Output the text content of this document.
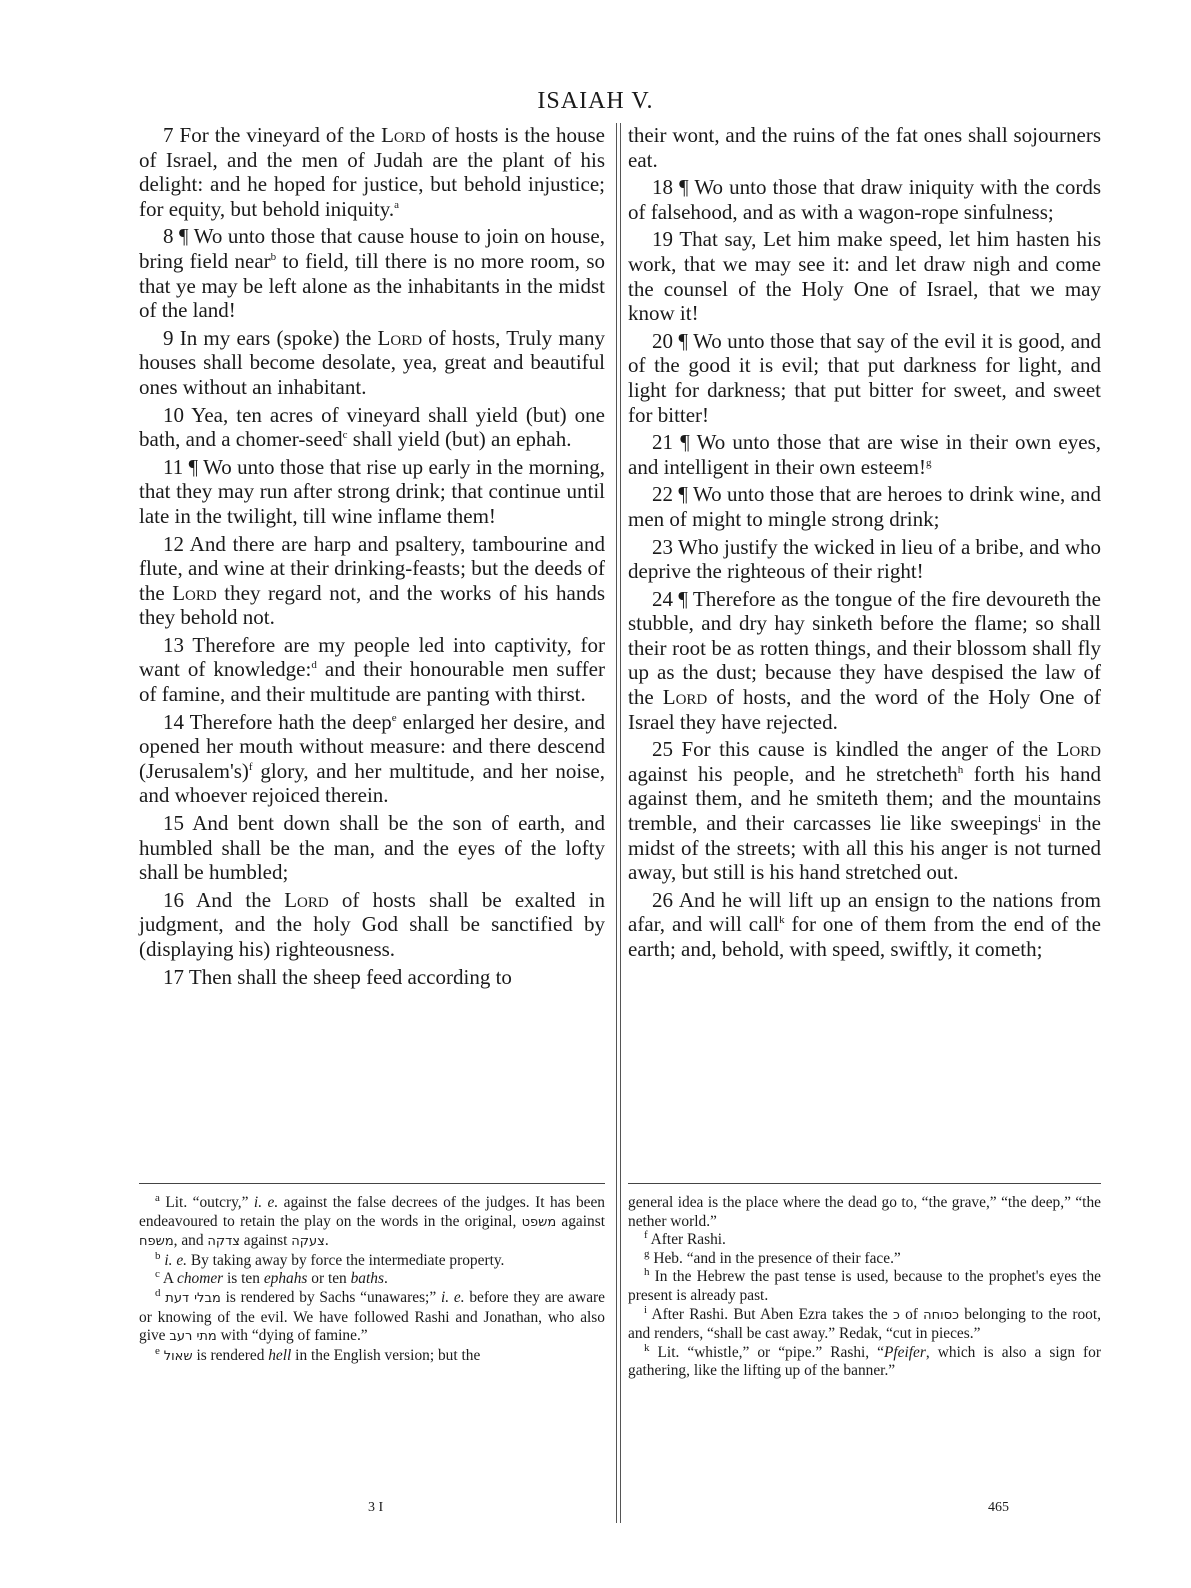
ISAIAH V.

7 For the vineyard of the Lord of hosts is the house of Israel, and the men of Judah are the plant of his delight: and he hoped for justice, but behold injustice; for equity, but behold iniquity.$^a$

8 ¶ Wo unto those that cause house to join on house, bring field near$^b$ to field, till there is no more room, so that ye may be left alone as the inhabitants in the midst of the land!

9 In my ears (spoke) the Lord of hosts, Truly many houses shall become desolate, yea, great and beautiful ones without an inhabitant.

10 Yea, ten acres of vineyard shall yield (but) one bath, and a chomer-seed$^c$ shall yield (but) an ephah.

11 ¶ Wo unto those that rise up early in the morning, that they may run after strong drink; that continue until late in the twilight, till wine inflame them!

12 And there are harp and psaltery, tambourine and flute, and wine at their drinking-feasts; but the deeds of the Lord they regard not, and the works of his hands they behold not.

13 Therefore are my people led into captivity, for want of knowledge:$^d$ and their honourable men suffer of famine, and their multitude are panting with thirst.

14 Therefore hath the deep$^e$ enlarged her desire, and opened her mouth without measure: and there descend (Jerusalem's)$^f$ glory, and her multitude, and her noise, and whoever rejoiced therein.

15 And bent down shall be the son of earth, and humbled shall be the man, and the eyes of the lofty shall be humbled;

16 And the Lord of hosts shall be exalted in judgment, and the holy God shall be sanctified by (displaying his) righteousness.

17 Then shall the sheep feed according to

their wont, and the ruins of the fat ones shall sojourners eat.

18 ¶ Wo unto those that draw iniquity with the cords of falsehood, and as with a wagon-rope sinfulness;

19 That say, Let him make speed, let him hasten his work, that we may see it: and let draw nigh and come the counsel of the Holy One of Israel, that we may know it!

20 ¶ Wo unto those that say of the evil it is good, and of the good it is evil; that put darkness for light, and light for darkness; that put bitter for sweet, and sweet for bitter!

21 ¶ Wo unto those that are wise in their own eyes, and intelligent in their own esteem!$^g$

22 ¶ Wo unto those that are heroes to drink wine, and men of might to mingle strong drink;

23 Who justify the wicked in lieu of a bribe, and who deprive the righteous of their right!

24 ¶ Therefore as the tongue of the fire devoureth the stubble, and dry hay sinketh before the flame; so shall their root be as rotten things, and their blossom shall fly up as the dust; because they have despised the law of the Lord of hosts, and the word of the Holy One of Israel they have rejected.

25 For this cause is kindled the anger of the Lord against his people, and he stretcheth$^h$ forth his hand against them, and he smiteth them; and the mountains tremble, and their carcasses lie like sweepings$^i$ in the midst of the streets; with all this his anger is not turned away, but still is his hand stretched out.

26 And he will lift up an ensign to the nations from afar, and will call$^k$ for one of them from the end of the earth; and, behold, with speed, swiftly, it cometh;

$^a$ Lit. “outcry,” i. e. against the false decrees of the judges. It has been endeavoured to retain the play on the words in the original, משפט against משפח, and צדקה against צעקה.

$^b$ i. e. By taking away by force the intermediate property.

$^c$ A chomer is ten ephahs or ten baths.

$^d$ מבלי דעת is rendered by Sachs “unawares;” i. e. before they are aware or knowing of the evil. We have followed Rashi and Jonathan, who also give מתי רעב with “dying of famine.”

$^e$ שאול is rendered hell in the English version; but the

general idea is the place where the dead go to, “the grave,” “the deep,” “the nether world.”

$^f$ After Rashi.

$^g$ Heb. “and in the presence of their face.”

$^h$ In the Hebrew the past tense is used, because to the prophet's eyes the present is already past.

$^i$ After Rashi. But Aben Ezra takes the כ of כסוחה belonging to the root, and renders, “shall be cast away.” Redak, “cut in pieces.”

$^k$ Lit. “whistle,” or “pipe.” Rashi, “Pfeifer, which is also a sign for gathering, like the lifting up of the banner.”

3 I	465
